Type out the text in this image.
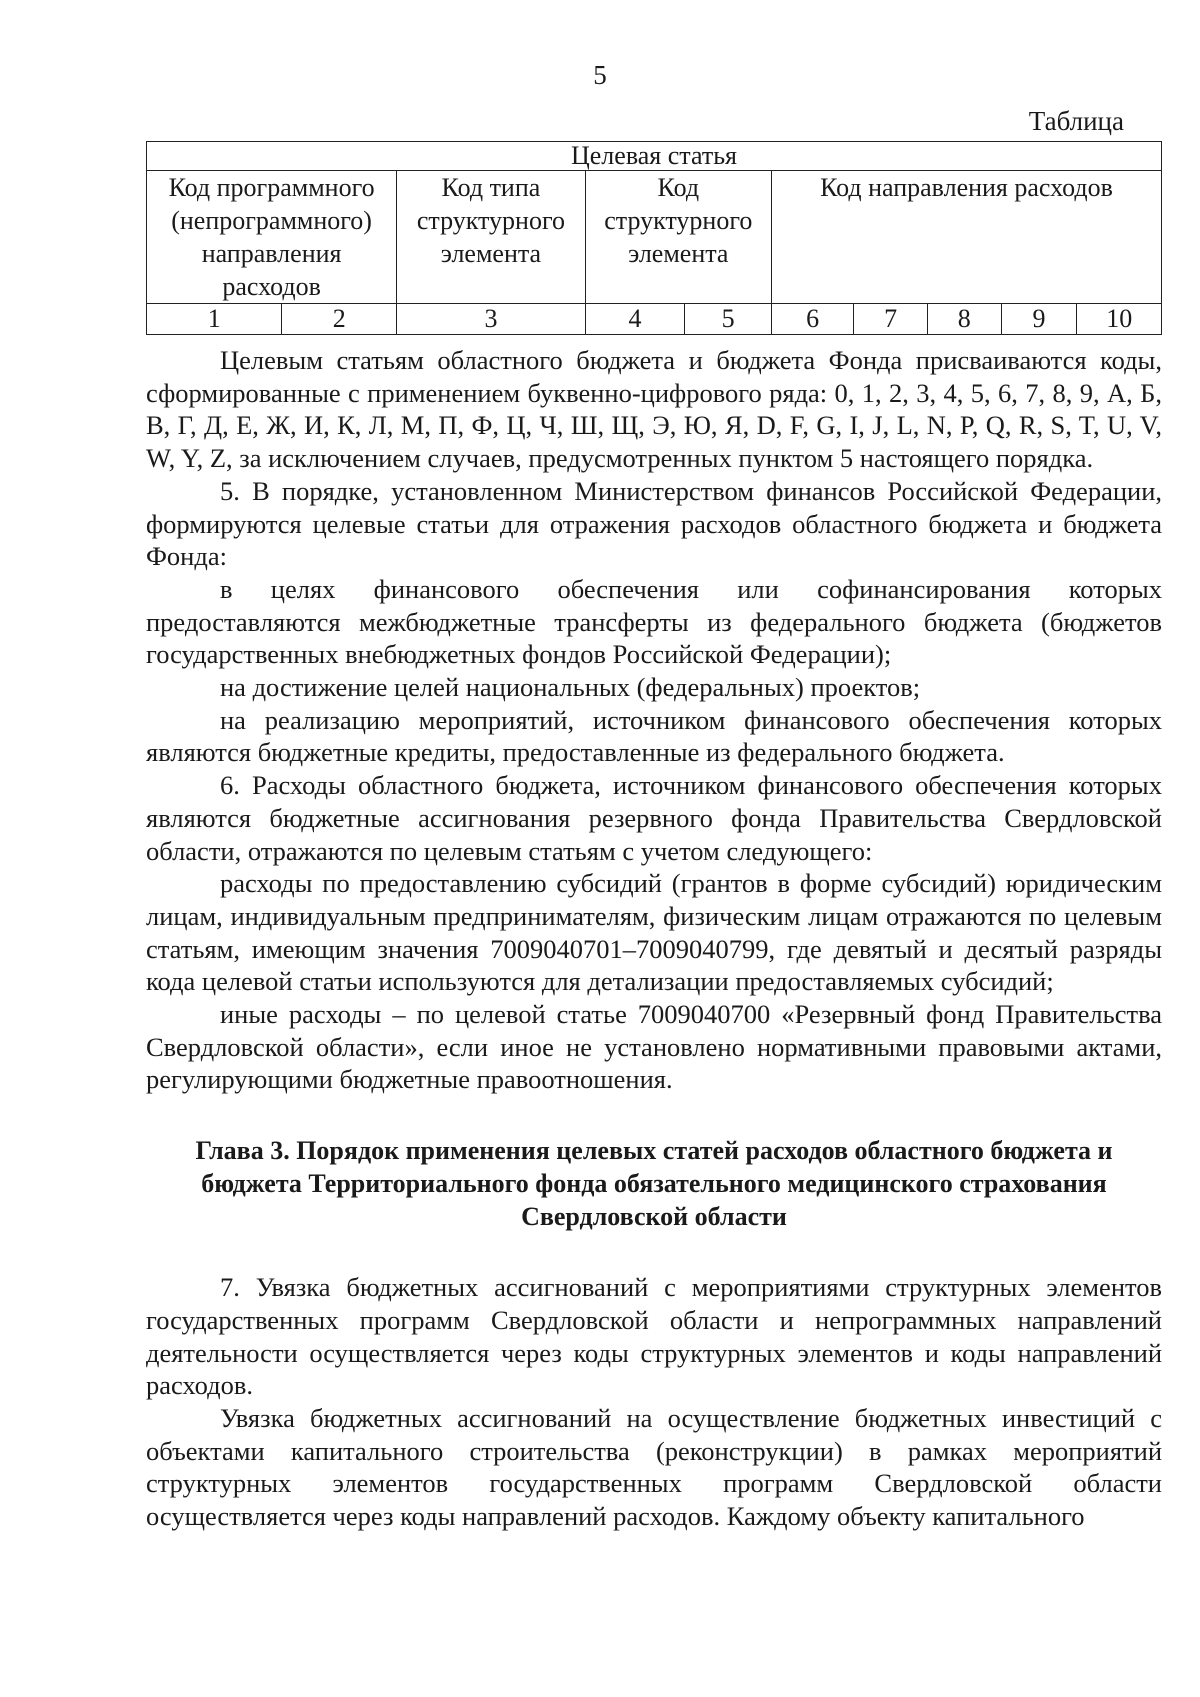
5
Таблица
Целевая статья									
Код программного (непрограммного) направления расходов		Код типа структурного элемента	Код структурного элемента		Код направления расходов				
1	2	3	4	5	6	7	8	9	10

Целевым статьям областного бюджета и бюджета Фонда присваиваются коды, сформированные с применением буквенно-цифрового ряда: 0, 1, 2, 3, 4, 5, 6, 7, 8, 9, А, Б, В, Г, Д, Е, Ж, И, К, Л, М, П, Ф, Ц, Ч, Ш, Щ, Э, Ю, Я, D, F, G, I, J, L, N, P, Q, R, S, T, U, V, W, Y, Z, за исключением случаев, предусмотренных пунктом 5 настоящего порядка.

5. В порядке, установленном Министерством финансов Российской Федерации, формируются целевые статьи для отражения расходов областного бюджета и бюджета Фонда:

в целях финансового обеспечения или софинансирования которых предоставляются межбюджетные трансферты из федерального бюджета (бюджетов государственных внебюджетных фондов Российской Федерации);

на достижение целей национальных (федеральных) проектов;

на реализацию мероприятий, источником финансового обеспечения которых являются бюджетные кредиты, предоставленные из федерального бюджета.

6. Расходы областного бюджета, источником финансового обеспечения которых являются бюджетные ассигнования резервного фонда Правительства Свердловской области, отражаются по целевым статьям с учетом следующего:

расходы по предоставлению субсидий (грантов в форме субсидий) юридическим лицам, индивидуальным предпринимателям, физическим лицам отражаются по целевым статьям, имеющим значения 7009040701–7009040799, где девятый и десятый разряды кода целевой статьи используются для детализации предоставляемых субсидий;

иные расходы – по целевой статье 7009040700 «Резервный фонд Правительства Свердловской области», если иное не установлено нормативными правовыми актами, регулирующими бюджетные правоотношения.

Глава 3. Порядок применения целевых статей расходов областного бюджета и бюджета Территориального фонда обязательного медицинского страхования Свердловской области

7. Увязка бюджетных ассигнований с мероприятиями структурных элементов государственных программ Свердловской области и непрограммных направлений деятельности осуществляется через коды структурных элементов и коды направлений расходов.

Увязка бюджетных ассигнований на осуществление бюджетных инвестиций с объектами капитального строительства (реконструкции) в рамках мероприятий структурных элементов государственных программ Свердловской области осуществляется через коды направлений расходов. Каждому объекту капитального
